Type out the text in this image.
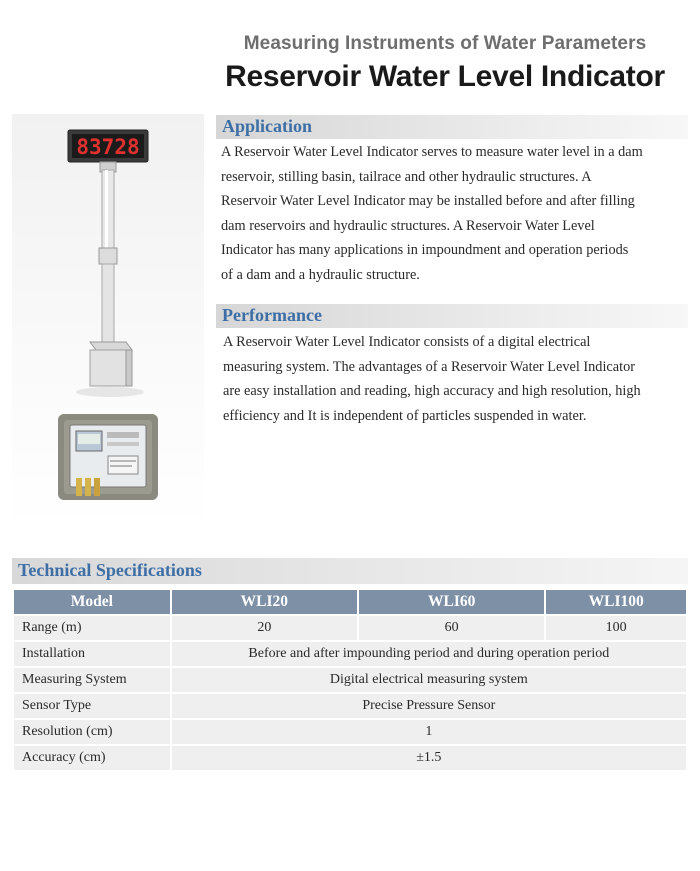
Measuring Instruments of Water Parameters
Reservoir Water Level Indicator
83728
Application
A Reservoir Water Level Indicator serves to measure water level in a dam
reservoir, stilling basin, tailrace and other hydraulic structures. A
Reservoir Water Level Indicator may be installed before and after filling
dam reservoirs and hydraulic structures. A Reservoir Water Level
Indicator has many applications in impoundment and operation periods
of a dam and a hydraulic structure.
Performance
A Reservoir Water Level Indicator consists of a digital electrical
measuring system. The advantages of a Reservoir Water Level Indicator
are easy installation and reading, high accuracy and high resolution, high
efficiency and It is independent of particles suspended in water.
Technical Specifications
Model	WLI20	WLI60	WLI100
Range (m)	20	60	100
Installation	Before and after impounding period and during operation period		
Measuring System	Digital electrical measuring system		
Sensor Type	Precise Pressure Sensor		
Resolution (cm)	1		
Accuracy (cm)	±1.5		
